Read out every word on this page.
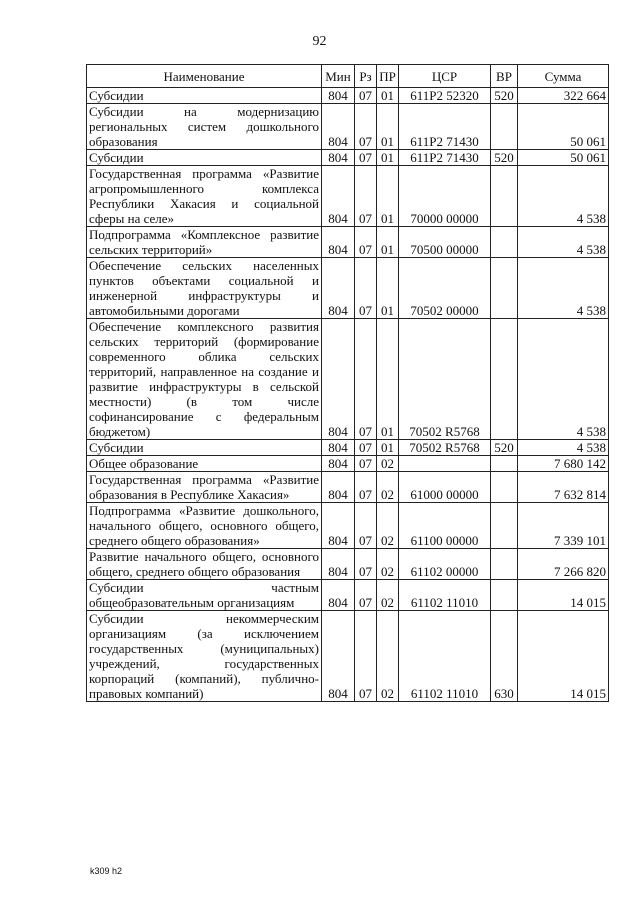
92
Наименование	Мин	Рз	ПР	ЦСР	ВР	Сумма
Субсидии	804	07	01	611P2 52320	520	322 664
Субсидии на модернизацию региональных систем дошкольного образования	804	07	01	611P2 71430		50 061
Субсидии	804	07	01	611P2 71430	520	50 061
Государственная программа «Развитие агропромышленного комплекса Республики Хакасия и социальной сферы на селе»	804	07	01	70000 00000		4 538
Подпрограмма «Комплексное развитие сельских территорий»	804	07	01	70500 00000		4 538
Обеспечение сельских населенных пунктов объектами социальной и инженерной инфраструктуры и автомобильными дорогами	804	07	01	70502 00000		4 538
Обеспечение комплексного развития сельских территорий (формирование современного облика сельских территорий, направленное на создание и развитие инфраструктуры в сельской местности) (в том числе софинансирование с федеральным бюджетом)	804	07	01	70502 R5768		4 538
Субсидии	804	07	01	70502 R5768	520	4 538
Общее образование	804	07	02			7 680 142
Государственная программа «Развитие образования в Республике Хакасия»	804	07	02	61000 00000		7 632 814
Подпрограмма «Развитие дошкольного, начального общего, основного общего, среднего общего образования»	804	07	02	61100 00000		7 339 101
Развитие начального общего, основного общего, среднего общего образования	804	07	02	61102 00000		7 266 820
Субсидии частным общеобразовательным организациям	804	07	02	61102 11010		14 015
Субсидии некоммерческим организациям (за исключением государственных (муниципальных) учреждений, государственных корпораций (компаний), публично-правовых компаний)	804	07	02	61102 11010	630	14 015
k309 h2
